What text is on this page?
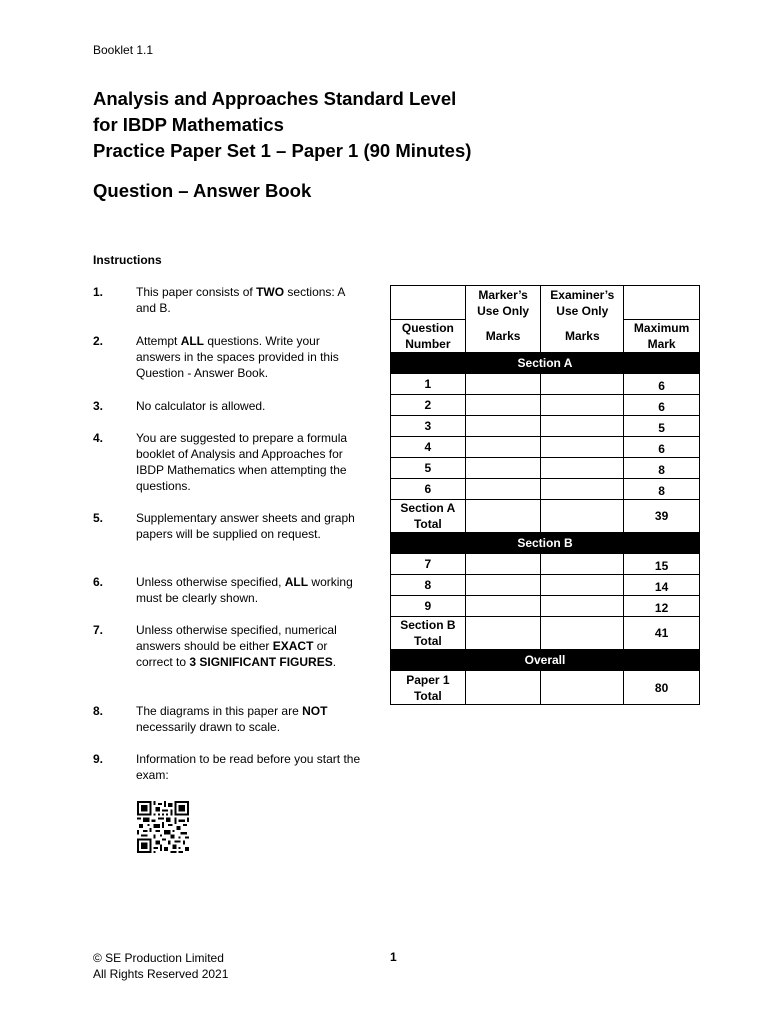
Booklet 1.1
Analysis and Approaches Standard Level
for IBDP Mathematics
Practice Paper Set 1 – Paper 1 (90 Minutes)
Question – Answer Book
Instructions
1.	This paper consists of TWO sections: A and B.
2.	Attempt ALL questions. Write your answers in the spaces provided in this Question - Answer Book.
3.	No calculator is allowed.
4.	You are suggested to prepare a formula booklet of Analysis and Approaches for IBDP Mathematics when attempting the questions.
5.	Supplementary answer sheets and graph papers will be supplied on request.
6.	Unless otherwise specified, ALL working must be clearly shown.
7.	Unless otherwise specified, numerical answers should be either EXACT or correct to 3 SIGNIFICANT FIGURES.
8.	The diagrams in this paper are NOT necessarily drawn to scale.
9.	Information to be read before you start the exam:
	Marker’s Use Only	Examiner’s Use Only	
Question Number	Marks	Marks	Maximum Mark
Section A			
1			6
2			6
3			5
4			6
5			8
6			8
Section A Total			39
Section B			
7			15
8			14
9			12
Section B Total			41
Overall			
Paper 1 Total			80
© SE Production Limited
All Rights Reserved 2021
1
